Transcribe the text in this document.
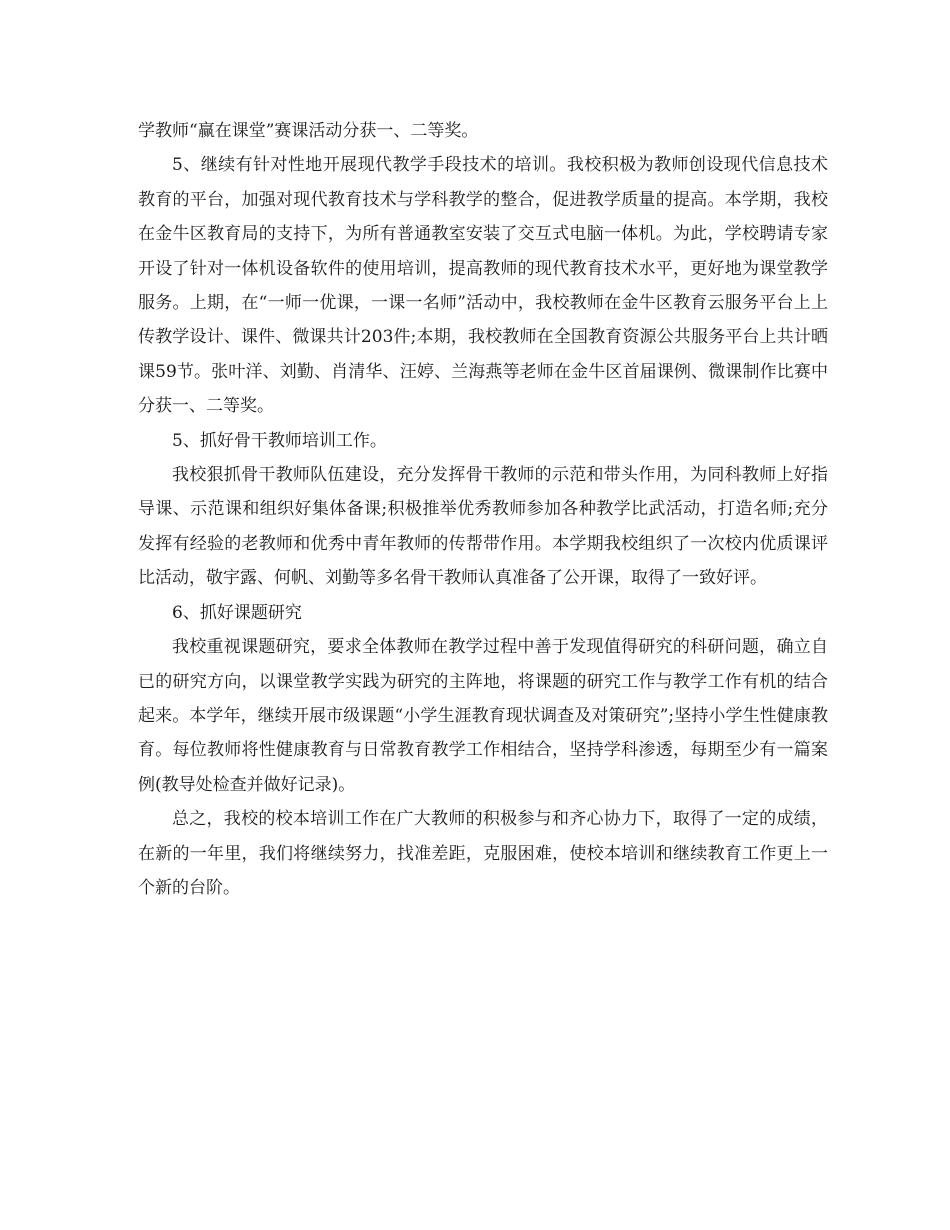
学教师“赢在课堂”赛课活动分获一、二等奖。

5、继续有针对性地开展现代教学手段技术的培训。我校积极为教师创设现代信息技术教育的平台，加强对现代教育技术与学科教学的整合，促进教学质量的提高。本学期，我校在金牛区教育局的支持下，为所有普通教室安装了交互式电脑一体机。为此，学校聘请专家开设了针对一体机设备软件的使用培训，提高教师的现代教育技术水平，更好地为课堂教学服务。上期，在“一师一优课，一课一名师”活动中，我校教师在金牛区教育云服务平台上上传教学设计、课件、微课共计203件;本期，我校教师在全国教育资源公共服务平台上共计晒课59节。张叶洋、刘勤、肖清华、汪婷、兰海燕等老师在金牛区首届课例、微课制作比赛中分获一、二等奖。

5、抓好骨干教师培训工作。

我校狠抓骨干教师队伍建设，充分发挥骨干教师的示范和带头作用，为同科教师上好指导课、示范课和组织好集体备课;积极推举优秀教师参加各种教学比武活动，打造名师;充分发挥有经验的老教师和优秀中青年教师的传帮带作用。本学期我校组织了一次校内优质课评比活动，敬宇露、何帆、刘勤等多名骨干教师认真准备了公开课，取得了一致好评。

6、抓好课题研究

我校重视课题研究，要求全体教师在教学过程中善于发现值得研究的科研问题，确立自已的研究方向，以课堂教学实践为研究的主阵地，将课题的研究工作与教学工作有机的结合起来。本学年，继续开展市级课题“小学生涯教育现状调查及对策研究”;坚持小学生性健康教育。每位教师将性健康教育与日常教育教学工作相结合，坚持学科渗透，每期至少有一篇案例(教导处检查并做好记录)。

总之，我校的校本培训工作在广大教师的积极参与和齐心协力下，取得了一定的成绩，在新的一年里，我们将继续努力，找准差距，克服困难，使校本培训和继续教育工作更上一个新的台阶。
